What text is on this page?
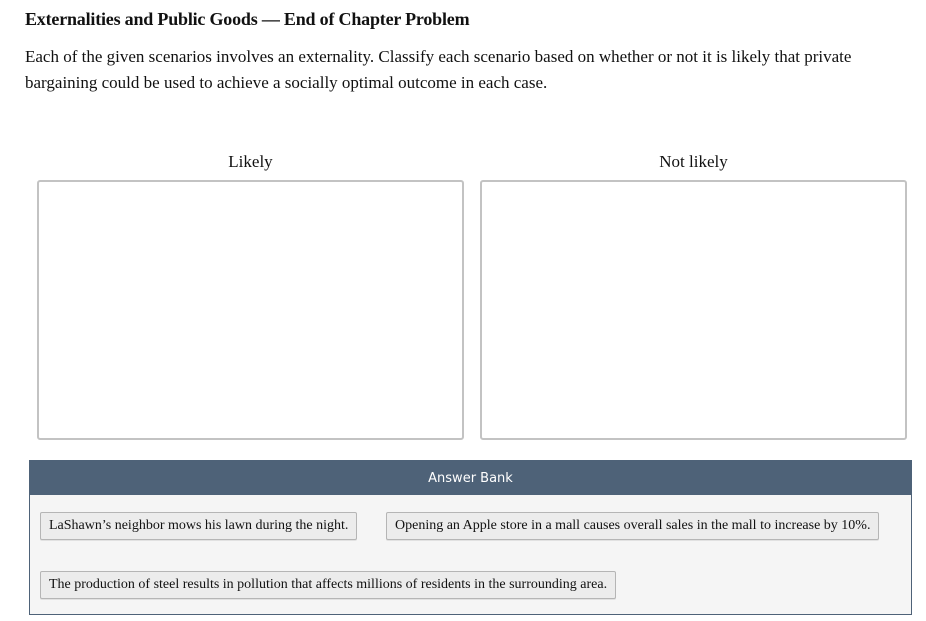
Externalities and Public Goods — End of Chapter Problem
Each of the given scenarios involves an externality. Classify each scenario based on whether or not it is likely that private bargaining could be used to achieve a socially optimal outcome in each case.
Likely	Not likely
Answer Bank
LaShawn’s neighbor mows his lawn during the night.	Opening an Apple store in a mall causes overall sales in the mall to increase by 10%.
The production of steel results in pollution that affects millions of residents in the surrounding area.
